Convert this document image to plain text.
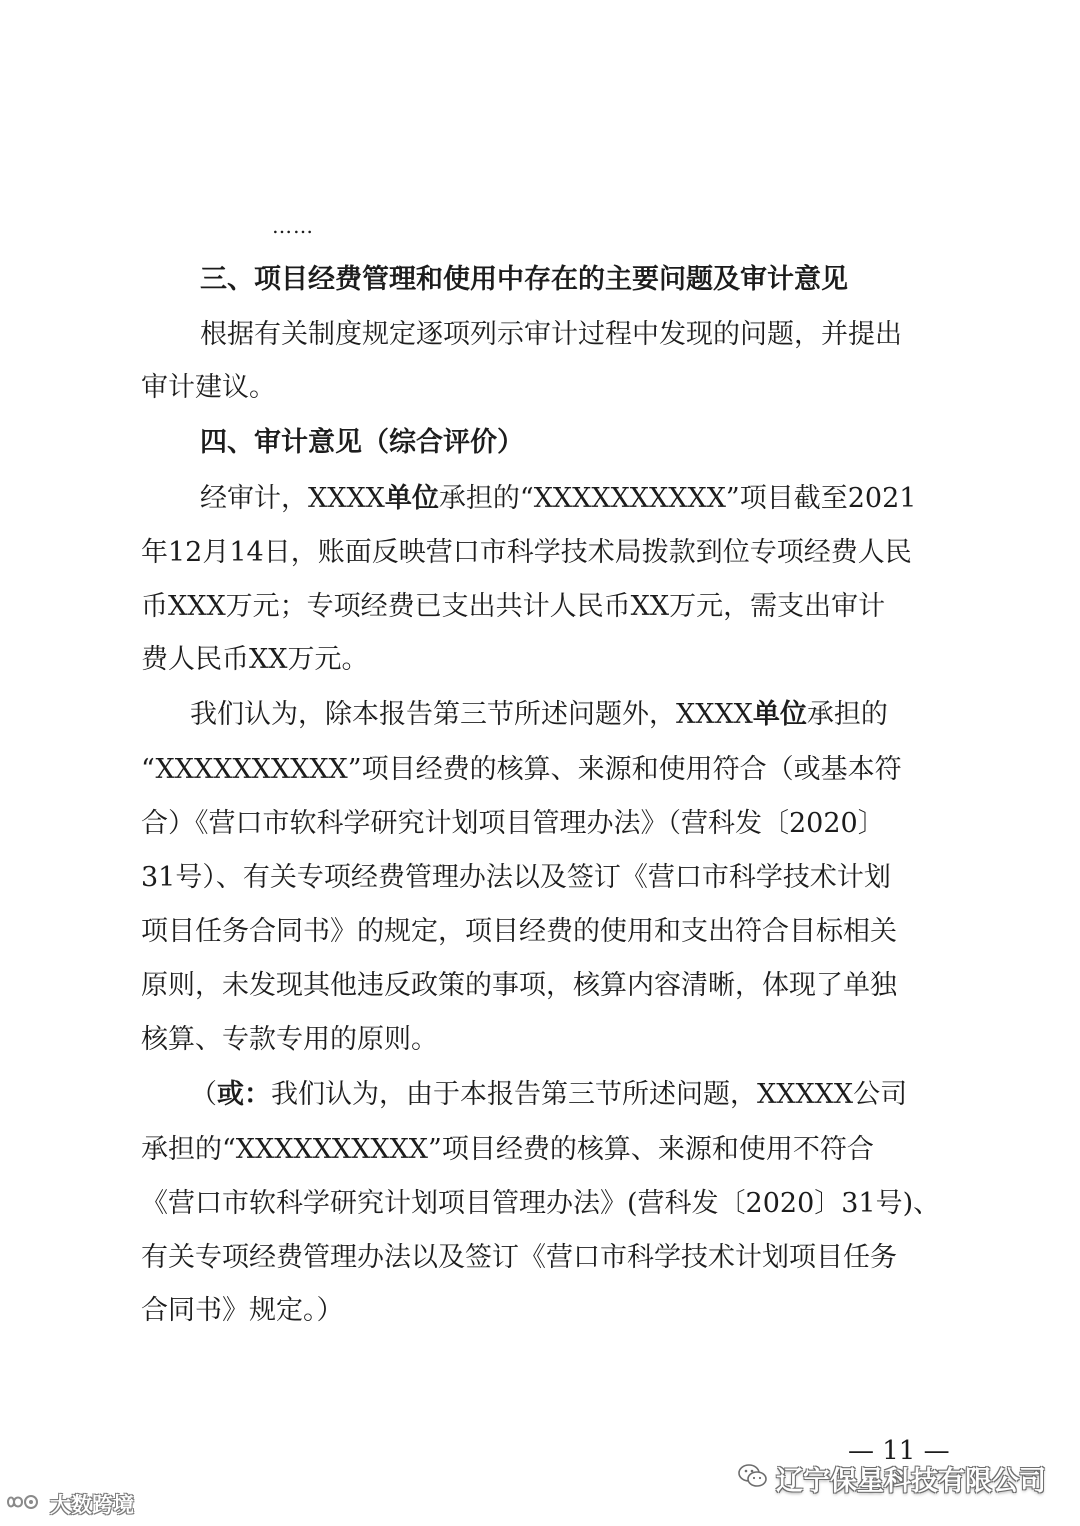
……
三、项目经费管理和使用中存在的主要问题及审计意见
根据有关制度规定逐项列示审计过程中发现的问题，并提出
审计建议。
四、审计意见（综合评价）
经审计，XXXX单位承担的“XXXXXXXXXX”项目截至2021
年12月14日，账面反映营口市科学技术局拨款到位专项经费人民
币XXX万元；专项经费已支出共计人民币XX万元，需支出审计
费人民币XX万元。
我们认为，除本报告第三节所述问题外，XXXX单位承担的
“XXXXXXXXXX”项目经费的核算、来源和使用符合（或基本符
合）《营口市软科学研究计划项目管理办法》（营科发〔2020〕
31号）、有关专项经费管理办法以及签订《营口市科学技术计划
项目任务合同书》的规定，项目经费的使用和支出符合目标相关
原则，未发现其他违反政策的事项，核算内容清晰，体现了单独
核算、专款专用的原则。
（或：我们认为，由于本报告第三节所述问题，XXXXX公司
承担的“XXXXXXXXXX”项目经费的核算、来源和使用不符合
《营口市软科学研究计划项目管理办法》(营科发〔2020〕31号)、
有关专项经费管理办法以及签订《营口市科学技术计划项目任务
合同书》规定。）
— 11 —
辽宁保星科技有限公司
大数跨境
